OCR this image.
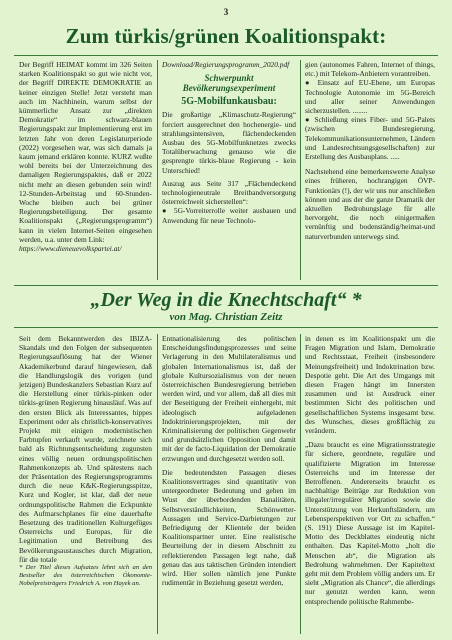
3
Zum türkis/grünen Koalitionspakt:

Der Begriff HEIMAT kommt im 326 Seiten starken Koalitionspakt so gut wie nicht vor, der Begriff DIREKTE DEMOKRATIE an keiner einzigen Stelle! Jetzt versteht man auch im Nachhinein, warum selbst der kümmerliche Ansatz zur „direkten Demokratie“ im schwarz-blauen Regierungspakt zur Implementierung erst im letzten Jahr von deren Legislaturperiode (2022) vorgesehen war, was sich damals ja kaum jemand erklären konnte. KURZ wußte wohl bereits bei der Unterzeichnung des damaligen Regierungspaktes, daß er 2022 nicht mehr an diesen gebunden sein wird! 12-Stunden-Arbeitstag und 60-Stunden-Woche bleiben auch bei grüner Regierungsbeteiligung. Der gesamte Koalitionspakt („Regierungsprogramm“) kann in vielen Internet-Seiten eingesehen werden, u.a. unter dem Link:

https://www.dieneuevolkspartei.at/

Download/Regierungsprogramm_2020.pdf

Schwerpunkt Bevölkerungsexperiment
5G-Mobilfunkausbau:

Die großartige „Klimaschutz-Regierung“ forciert ausgerechnet den hochenergie- und strahlungsintensiven, flächendeckenden Ausbau des 5G-Mobilfunknetzes zwecks Totalüberwachung genauso wie die gesprengte türkis-blaue Regierung - kein Unterschied!

Auszug aus Seite 317 „Flächendeckend technologieneutrale Breitbandversorgung österreichweit sicherstellen“:

● 5G-Vorreiterrolle weiter ausbauen und Anwendung für neue Technolo-

gien (autonomes Fahren, Internet of things, etc.) mit Telekom-Anbietern vorantreiben.

● Einsatz auf EU-Ebene, um Europas Technologie Autonomie im 5G-Bereich und aller seiner Anwendungen sicherzustellen. ........

● Schließung eines Fiber- und 5G-Palets (zwischen Bundesregierung, Telekommunikationsunternehmen, Ländern und Landesrechtsungsgesellschaften) zur Erstellung des Ausbauplans. .....

Nachstehend eine bemerkenswerte Analyse eines früheren, hochrangigen ÖVP-Funktionärs (!), der wir uns nur anschließen können und aus der die ganze Dramatik der aktuellen Bedrohungslage für alle hervorgeht, die noch einigermaßen vernünftig und bodenständig/heimat-und naturverbunden unterwegs sind.

„Der Weg in die Knechtschaft“ *
von Mag. Christian Zeitz

Seit dem Bekanntwerden des IBIZA-Skandals und den Folgen der subsequenten Regierungsauflösung hat der Wiener Akademikerbund darauf hingewiesen, daß die Handlungslogik des vorigen (und jetzigen) Bundeskanzlers Sebastian Kurz auf die Herstellung einer türkis-pinken oder türkis-grünen Regierung hinausläuf. Was auf den ersten Blick als Interessantes, hippes Experiment oder als christlich-konservatives Projekt mit einigen modernistischen Farbtupfen verkauft wurde, zeichnete sich bald als Richtungsentscheidung zugunsten eines völlig neuen ordnungspolitischen Rahmenkonzepts ab. Und spätestens nach der Präsentation des Regierungsprogramms durch die neue K&K-Regierungsspitze, Kurz und Kogler, ist klar, daß der neue ordnungspolitische Rahmen die Eckpunkte des Aufmarschplanes für eine dauerhafte Besetzung des traditionellen Kulturgefüges Österreichs und Europas, für die Legitimation und Betreibung des Bevölkerungsaustausches durch Migration, für die totale

* Der Titel dieses Aufsatzes lehnt sich an den Bestseller des österreichischen Ökonomie-Nobelpreisträgers Friedrich A. von Hayek an.

Entnationalisierung des politischen Entscheidungsfindungsprozesses und seine Verlagerung in den Multilateralismus und globalen Internationalismus ist, daß der globale Kultursozialismus von der neuen österreichischen Bundesregierung betrieben werden wird, und vor allem, daß all dies mit der Beseitigung der Freiheit einhergeht, mit ideologisch aufgeladenen Indoktrinierungsprojekten, mit der Kriminalisierung der politischen Gegenwehr und grundsätzlichen Opposition und damit mit der de facto-Liquidation der Demokratie erzwungen und durchgesetzt werden soll.

Die bedeutendsten Passagen dieses Koalitionsvertrages sind quantitativ von untergeordneter Bedeutung und gehen im Wust der überbordenden Banalitäten, Selbstverständlichkeiten, Schönwetter-Aussagen und Service-Darbietungen zur Befriedigung der Klientele der beiden Koalitionspartner unter. Eine realistische Beurteilung der in diesem Abschnitt zu reflektierenden Passagen legt nahe, daß genau das aus taktischen Gründen intendiert wird. Hier sollen nämlich jene Punkte rudimentär in Beziehung gesetzt werden,

in denen es im Koalitionspakt um die Fragen Migration und Islam, Demokratie und Rechtsstaat, Freiheit (insbesondere Meinungsfreiheit) und Indoktrination bzw. Despotie geht. Die Art des Umgangs mit diesen Fragen hängt im Innersten zusammen und ist Ausdruck einer bestimmten Sicht des politischen und gesellschaftlichen Systems insgesamt bzw. des Wunsches, dieses großflächig zu verändern.

„Dazu braucht es eine Migrationsstrategie für sichere, geordnete, reguläre und qualifizierte Migration im Interesse Österreichs und im Interesse der Betroffenen. Andererseits braucht es nachhaltige Beiträge zur Reduktion von illegaler/irregulärer Migration sowie die Unterstützung von Herkunftsländern, um Lebensperspektiven vor Ort zu schaffen.“ (S. 191) Diese Aussage ist im Kapitel-Motto des Deckblattes eindeutig nicht enthalten. Das Kapitel-Motto „holt die Menschen ab“, die Migration als Bedrohung wahrnehmen. Der Kapiteltext geht mit dem Problem völlig anders um. Er sieht „Migration als Chance“, die allerdings nur genutzt werden kann, wenn entsprechende politische Rahmenbe-
